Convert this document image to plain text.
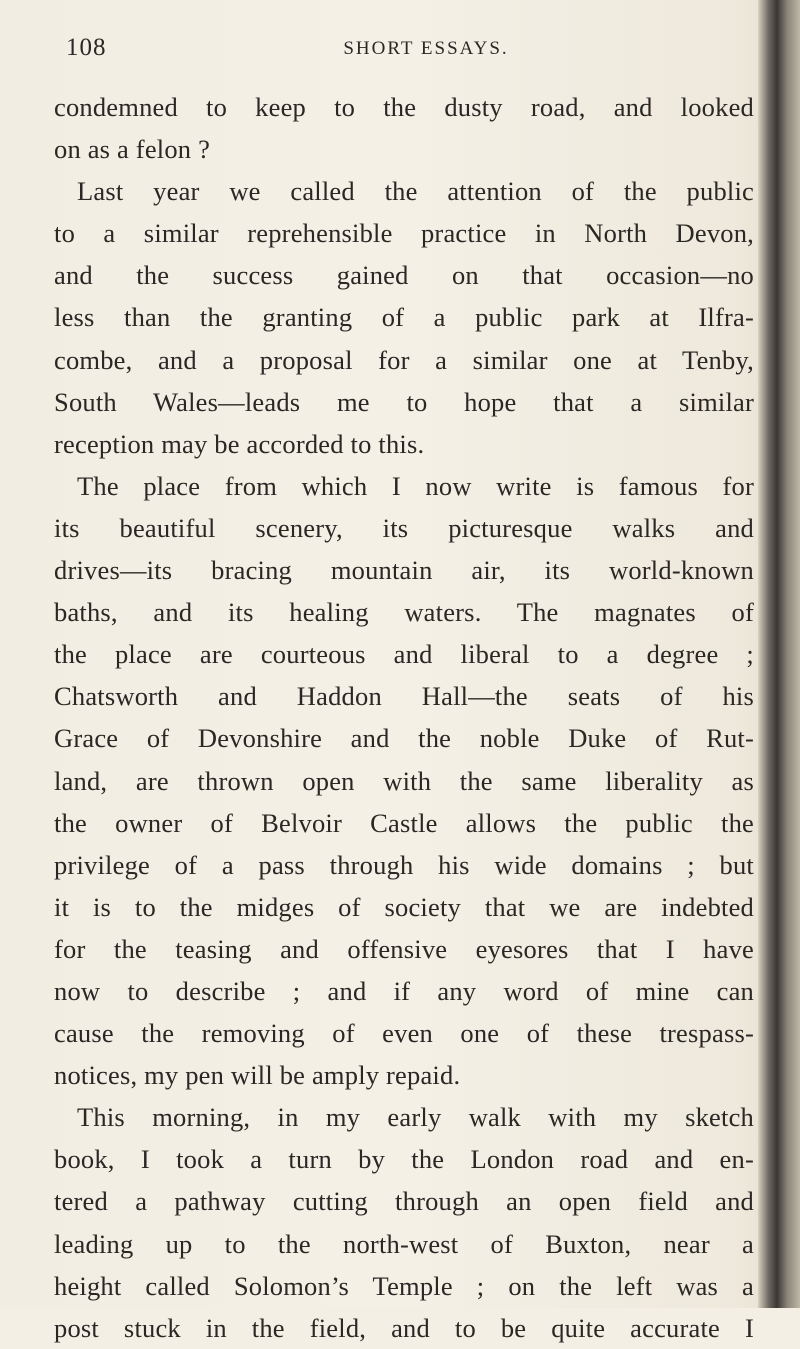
108	SHORT ESSAYS.
condemned to keep to the dusty road, and looked
on as a felon ?
Last year we called the attention of the public
to a similar reprehensible practice in North Devon,
and the success gained on that occasion—no
less than the granting of a public park at Ilfra-
combe, and a proposal for a similar one at Tenby,
South Wales—leads me to hope that a similar
reception may be accorded to this.
The place from which I now write is famous for
its beautiful scenery, its picturesque walks and
drives—its bracing mountain air, its world-known
baths, and its healing waters. The magnates of
the place are courteous and liberal to a degree ;
Chatsworth and Haddon Hall—the seats of his
Grace of Devonshire and the noble Duke of Rut-
land, are thrown open with the same liberality as
the owner of Belvoir Castle allows the public the
privilege of a pass through his wide domains ; but
it is to the midges of society that we are indebted
for the teasing and offensive eyesores that I have
now to describe ; and if any word of mine can
cause the removing of even one of these trespass-
notices, my pen will be amply repaid.
This morning, in my early walk with my sketch
book, I took a turn by the London road and en-
tered a pathway cutting through an open field and
leading up to the north-west of Buxton, near a
height called Solomon’s Temple ; on the left was a
post stuck in the field, and to be quite accurate I
